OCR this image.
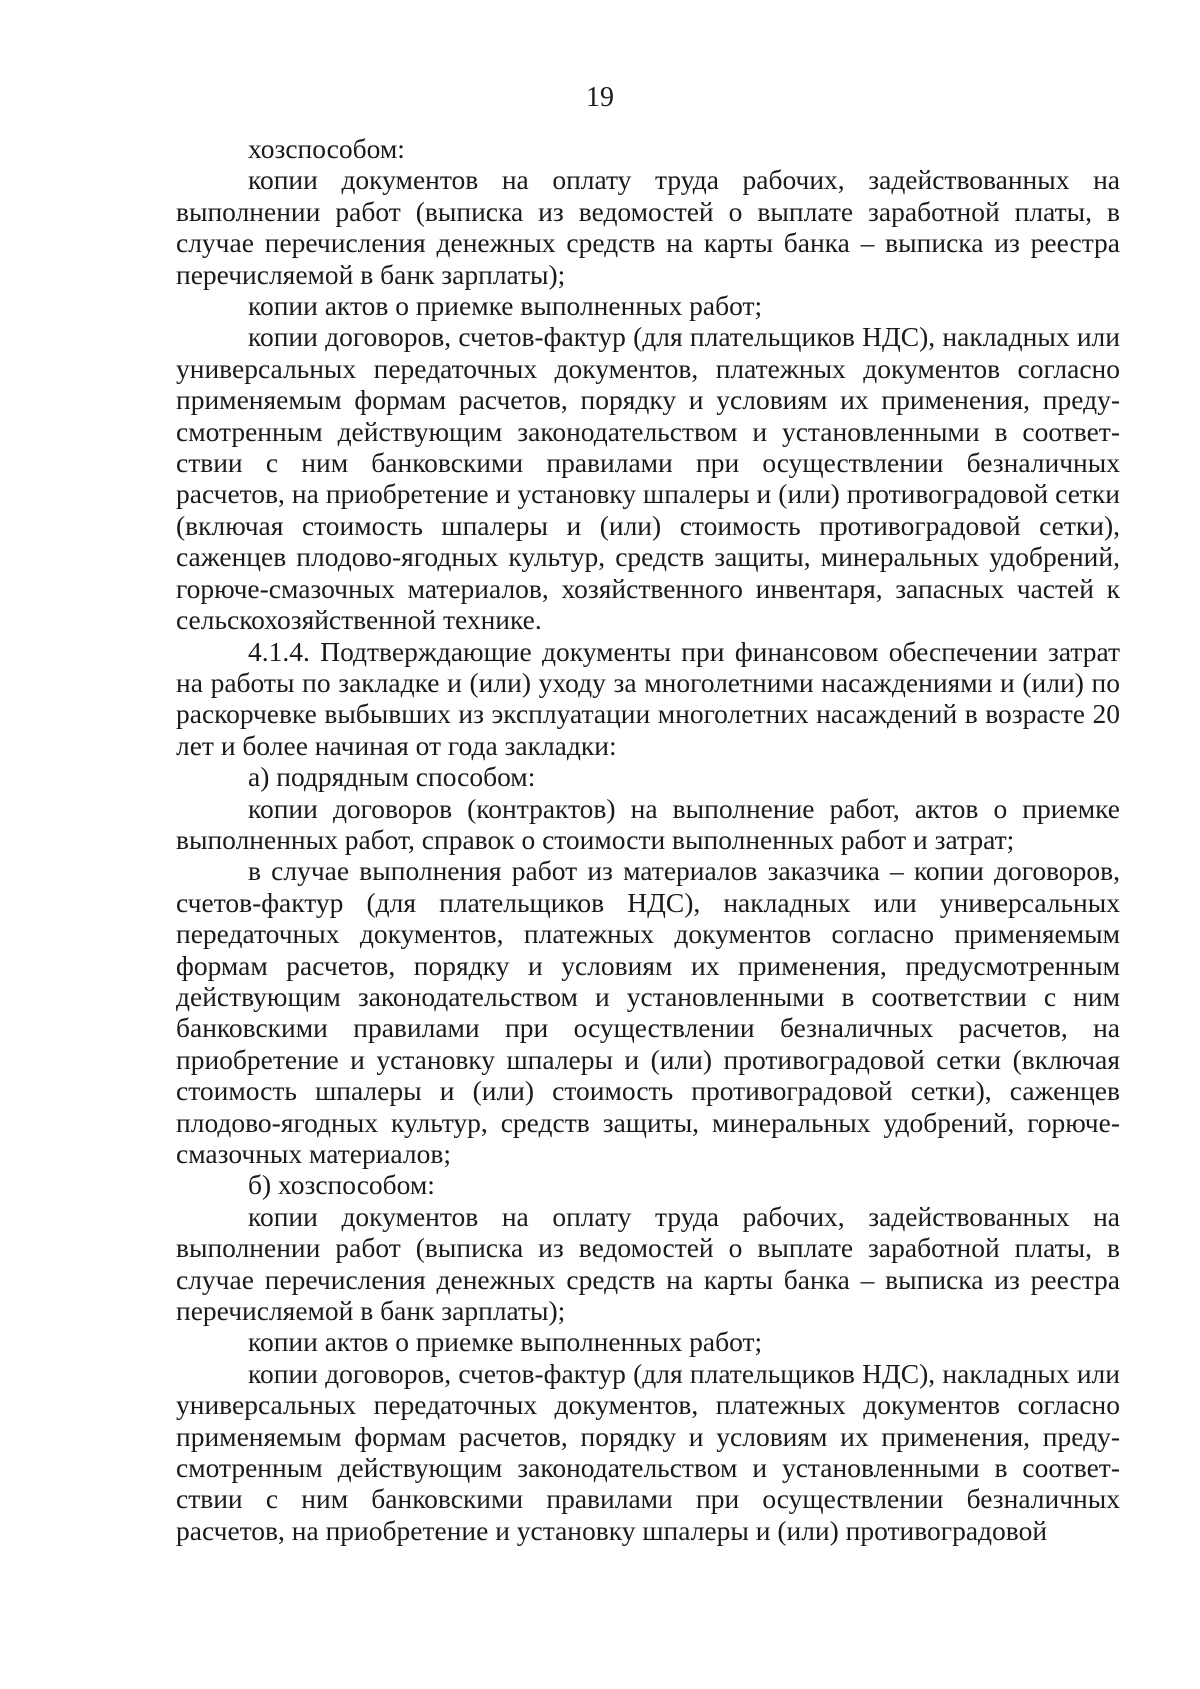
19

хозспособом:

копии документов на оплату труда рабочих, задействованных на выполнении работ (выписка из ведомостей о выплате заработной платы, в случае перечисления денежных средств на карты банка – выписка из реестра перечисляемой в банк зарплаты);

копии актов о приемке выполненных работ;

копии договоров, счетов-фактур (для плательщиков НДС), накладных или универсальных передаточных документов, платежных документов согласно применяемым формам расчетов, порядку и условиям их применения, преду-смотренным действующим законодательством и установленными в соответ-ствии с ним банковскими правилами при осуществлении безналичных расчетов, на приобретение и установку шпалеры и (или) противоградовой сетки (включая стоимость шпалеры и (или) стоимость противоградовой сетки), саженцев плодово-ягодных культур, средств защиты, минеральных удобрений, горюче-смазочных материалов, хозяйственного инвентаря, запасных частей к сельскохозяйственной технике.

4.1.4. Подтверждающие документы при финансовом обеспечении затрат на работы по закладке и (или) уходу за многолетними насаждениями и (или) по раскорчевке выбывших из эксплуатации многолетних насаждений в возрасте 20 лет и более начиная от года закладки:

а) подрядным способом:

копии договоров (контрактов) на выполнение работ, актов о приемке выполненных работ, справок о стоимости выполненных работ и затрат;

в случае выполнения работ из материалов заказчика – копии договоров, счетов-фактур (для плательщиков НДС), накладных или универсальных передаточных документов, платежных документов согласно применяемым формам расчетов, порядку и условиям их применения, предусмотренным действующим законодательством и установленными в соответствии с ним банковскими правилами при осуществлении безналичных расчетов, на приобретение и установку шпалеры и (или) противоградовой сетки (включая стоимость шпалеры и (или) стоимость противоградовой сетки), саженцев плодово-ягодных культур, средств защиты, минеральных удобрений, горюче-смазочных материалов;

б) хозспособом:

копии документов на оплату труда рабочих, задействованных на выполнении работ (выписка из ведомостей о выплате заработной платы, в случае перечисления денежных средств на карты банка – выписка из реестра перечисляемой в банк зарплаты);

копии актов о приемке выполненных работ;

копии договоров, счетов-фактур (для плательщиков НДС), накладных или универсальных передаточных документов, платежных документов согласно применяемым формам расчетов, порядку и условиям их применения, преду-смотренным действующим законодательством и установленными в соответ-ствии с ним банковскими правилами при осуществлении безналичных расчетов, на приобретение и установку шпалеры и (или) противоградовой
